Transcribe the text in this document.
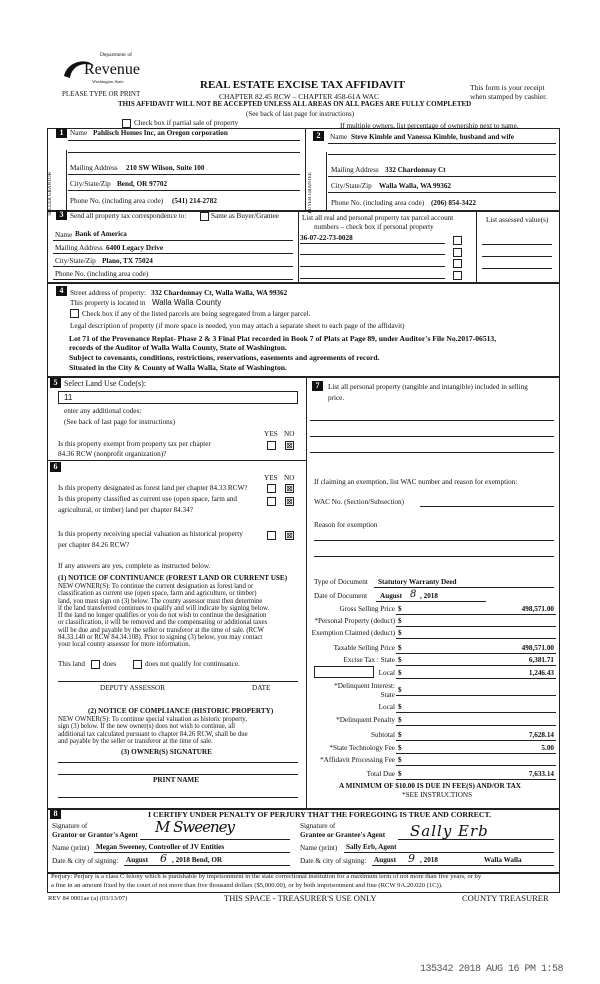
Department of
Revenue
Washington State
PLEASE TYPE OR PRINT
REAL ESTATE EXCISE TAX AFFIDAVIT
CHAPTER 82.45 RCW – CHAPTER 458-61A WAC
THIS AFFIDAVIT WILL NOT BE ACCEPTED UNLESS ALL AREAS ON ALL PAGES ARE FULLY COMPLETED
(See back of last page for instructions)
This form is your receipt
when stamped by cashier.
Check box if partial sale of property	If multiple owners, list percentage of ownership next to name.
1 Name Pahlisch Homes Inc, an Oregon corporation
SELLER GRANTOR
Mailing Address 210 SW Wilson, Suite 100
City/State/Zip Bend, OR 97702
Phone No. (including area code) (541) 214-2782
2	Name Steve Kimble and Vanessa Kimble, husband and wife
BUYER GRANTEE
Mailing Address 332 Chardonnay Ct
City/State/Zip Walla Walla, WA 99362
Phone No. (including area code) (206) 854-3422
3 Send all property tax correspondence to:	Same as Buyer/Grantee
Name Bank of America
Mailing Address 6400 Legacy Drive
City/State/Zip Plano, TX 75024
Phone No. (including area code)
List all real and personal property tax parcel account
numbers – check box if personal property
List assessed value(s)
36-07-22-73-0028
4 Street address of property: 332 Chardonnay Ct, Walla Walla, WA 99362
This property is located in Walla Walla County
Check box if any of the listed parcels are being segregated from a larger parcel.
Legal description of property (if more space is needed, you may attach a separate sheet to each page of the affidavit)
Lot 71 of the Provenance Replat- Phase 2 & 3 Final Plat recorded in Book 7 of Plats at Page 89, under Auditor's File No.2017-06513,
records of the Auditor of Walla Walla County, State of Washington.
Subject to covenants, conditions, restrictions, reservations, easements and agreements of record.
Situated in the City & County of Walla Walla, State of Washington.
5 Select Land Use Code(s):
11
enter any additional codes:
(See back of last page for instructions)
YES NO
Is this property exempt from property tax per chapter
84.36 RCW (nonprofit organization)?
⊠
7	List all personal property (tangible and intangible) included in selling
price.
6
YES NO
Is this property designated as forest land per chapter 84.33 RCW?	⊠
Is this property classified as current use (open space, farm and
agricultural, or timber) land per chapter 84.34?
⊠
Is this property receiving special valuation as historical property
per chapter 84.26 RCW?
⊠
If any answers are yes, complete as instructed below.
(1) NOTICE OF CONTINUANCE (FOREST LAND OR CURRENT USE)
NEW OWNER(S): To continue the current designation as forest land or
classification as current use (open space, farm and agriculture, or timber)
land, you must sign on (3) below. The county assessor must then determine
if the land transferred continues to qualify and will indicate by signing below.
If the land no longer qualifies or you do not wish to continue the designation
or classification, it will be removed and the compensating or additional taxes
will be due and payable by the seller or transferor at the time of sale. (RCW
84.33.140 or RCW 84.34.108). Prior to signing (3) below, you may contact
your local county assessor for more information.
This land	does	does not qualify for continuance.
DEPUTY ASSESSOR	DATE
(2) NOTICE OF COMPLIANCE (HISTORIC PROPERTY)
NEW OWNER(S): To continue special valuation as historic property,
sign (3) below. If the new owner(s) does not wish to continue, all
additional tax calculated pursuant to chapter 84.26 RCW, shall be due
and payable by the seller or transferor at the time of sale.
(3) OWNER(S) SIGNATURE
PRINT NAME
If claiming an exemption, list WAC number and reason for exemption:
WAC No. (Section/Subsection)
Reason for exemption
Type of Document Statutory Warranty Deed
Date of Document August 8 , 2018
Gross Selling Price $	498,571.00
*Personal Property (deduct) $
Exemption Claimed (deduct) $
Taxable Selling Price $	498,571.00
Excise Tax : State $	6,381.71
Local $	1,246.43
*Delinquent Interest:
State
$
Local $
*Delinquent Penalty $
Subtotal $	7,628.14
*State Technology Fee $	5.00
*Affidavit Processing Fee $
Total Due $	7,633.14
A MINIMUM OF $10.00 IS DUE IN FEE(S) AND/OR TAX
*SEE INSTRUCTIONS
8	I CERTIFY UNDER PENALTY OF PERJURY THAT THE FOREGOING IS TRUE AND CORRECT.
Signature of
Grantor or Grantor's Agent M Sweeney
Name (print) Megan Sweeney, Controller of JV Entities
Date & city of signing: August 6 , 2018 Bend, OR
Signature of
Grantee or Grantee's Agent Sally Erb
Name (print) Sally Erb, Agent
Date & city of signing: August 9 , 2018	Walla Walla
Perjury: Perjury is a class C felony which is punishable by imprisonment in the state correctional institution for a maximum term of not more than five years, or by
a fine in an amount fixed by the court of not more than five thousand dollars ($5,000.00), or by both imprisonment and fine (RCW 9A.20.020 (1C)).
REV 84 0001ae (a) (03/13/07)	THIS SPACE - TREASURER'S USE ONLY	COUNTY TREASURER
135342 2018 AUG 16 PM 1:58
